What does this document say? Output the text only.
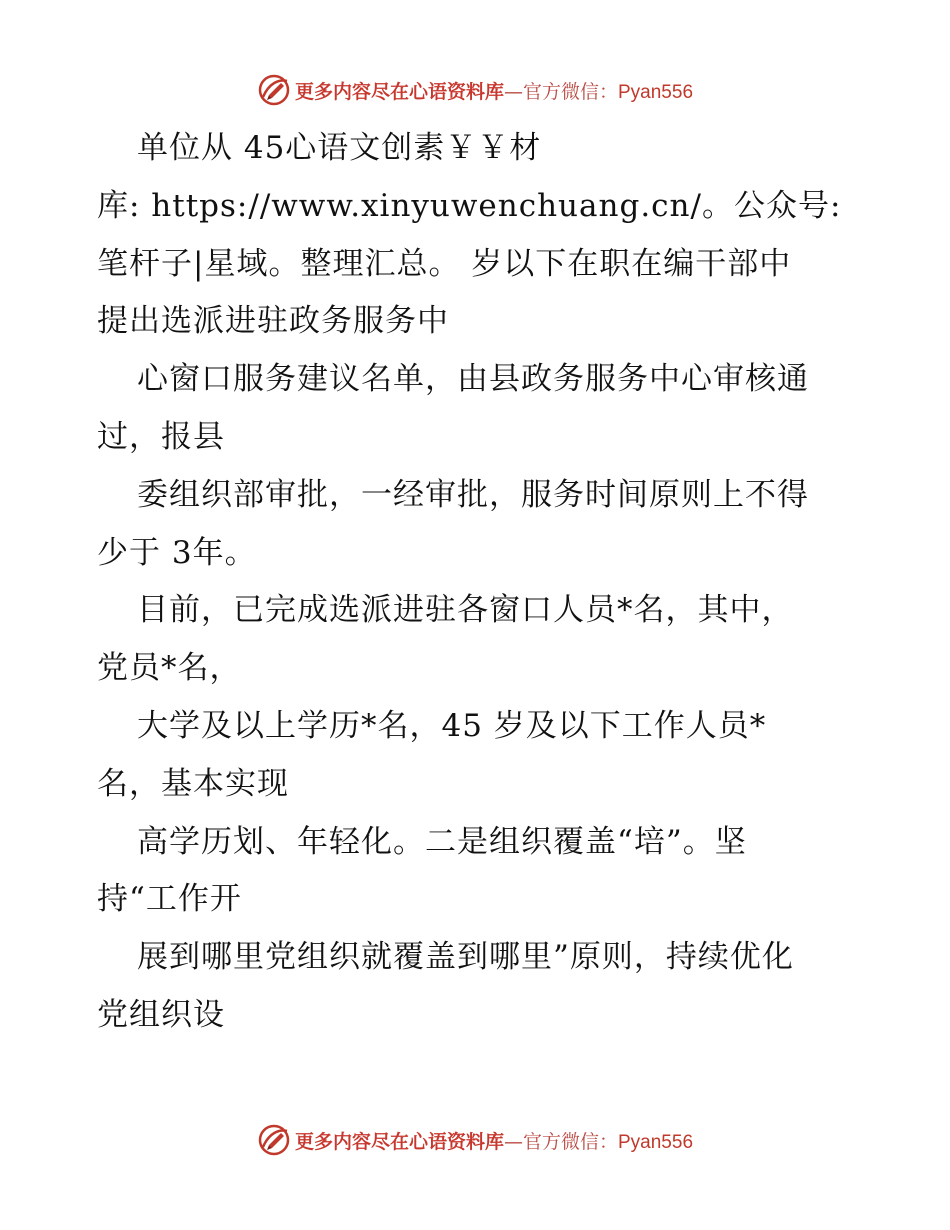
更多内容尽在心语资料库—官方微信：Pyan556
单位从 45心语文创素￥￥材
库: https://www.xinyuwenchuang.cn/。公众号:
笔杆子|星域。整理汇总。 岁以下在职在编干部中
提出选派进驻政务服务中
心窗口服务建议名单，由县政务服务中心审核通
过，报县
委组织部审批，一经审批，服务时间原则上不得
少于 3年。
目前，已完成选派进驻各窗口人员*名，其中，
党员*名，
大学及以上学历*名，45 岁及以下工作人员*
名，基本实现
高学历划、年轻化。二是组织覆盖“培”。坚
持“工作开
展到哪里党组织就覆盖到哪里”原则，持续优化
党组织设
更多内容尽在心语资料库—官方微信：Pyan556
